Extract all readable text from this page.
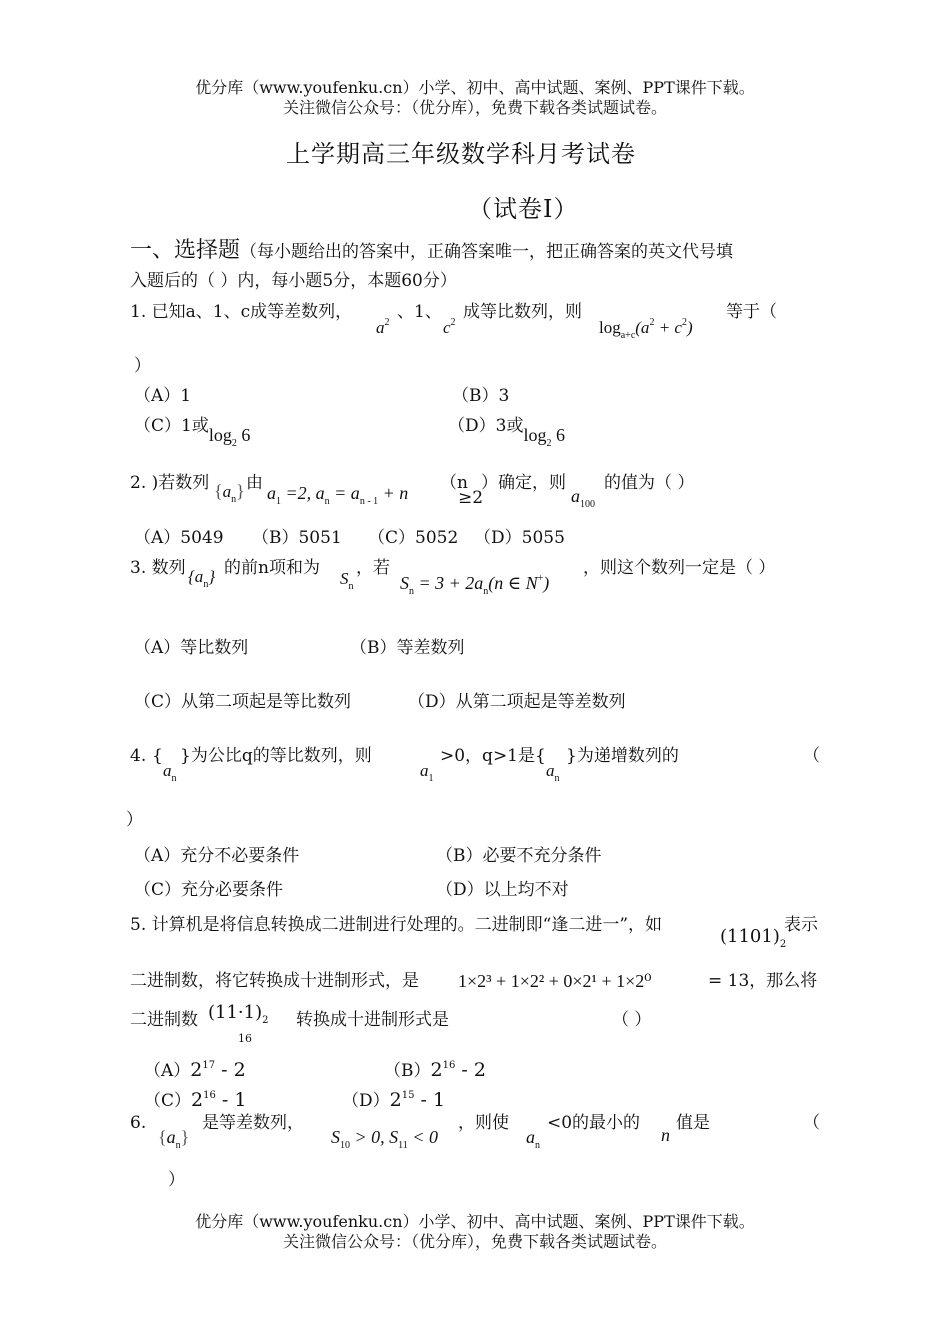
优分库（www.youfenku.cn）小学、初中、高中试题、案例、PPT课件下载。
关注微信公众号：（优分库），免费下载各类试题试卷。
上学期高三年级数学科月考试卷
（试卷Ⅰ）
一、选择题（每小题给出的答案中，正确答案唯一，把正确答案的英文代号填
入题后的（ ）内，每小题5分，本题60分）
1. 已知a、1、c成等差数列，
$a^2$
、1、
$c^2$
成等比数列，则
$\log_{a+c}(a^2 + c^2)$
等于（
）
（A）1	（B）3
（C）1或$\log_2 6$	（D）3或$\log_2 6$
2. )若数列 $\{a_n\}$ 由 $a_1 =2$, $a_n = a_{n - 1} + n$ （n
≥2
）确定，则
$a_{100}$
的值为（ ）
（A）5049 （B）5051 （C）5052 （D）5055
3. 数列 $\{a_n\}$ 的前n项和为
$S_n$
，若
$S_n = 3 + 2a_n(n$ ∈ N+)
，则这个数列一定是（ ）
（A）等比数列	（B）等差数列
（C）从第二项起是等比数列	（D）从第二项起是等差数列
4. {
$a_n$
}为公比q的等比数列，则
$a_1$
>0，q>1是{
$a_n$
}为递增数列的	（
）
（A）充分不必要条件	（B）必要不充分条件
（C）充分必要条件	（D）以上均不对
5. 计算机是将信息转换成二进制进行处理的。二进制即“逢二进一”，如
$(1101)_2$
表示
二进制数，将它转换成十进制形式，是 1×2³ + 1×2² + 0×2¹ + 1×2⁰	= 13，那么将
二进制数 $(11\cdot 1)_2$
16
转换成十进制形式是	（ ）
$(A)2^{17} - 2$	$(B)2^{16} - 2$
$(C)2^{16} - 1$	$(D)2^{15} - 1$
6.
$\{a_n\}$
是等差数列，
$S_{10} > 0$, $S_{11} < 0$
，则使
$a_n$
<0的最小的
n
值是	（
）
优分库（www.youfenku.cn）小学、初中、高中试题、案例、PPT课件下载。
关注微信公众号：（优分库），免费下载各类试题试卷。
